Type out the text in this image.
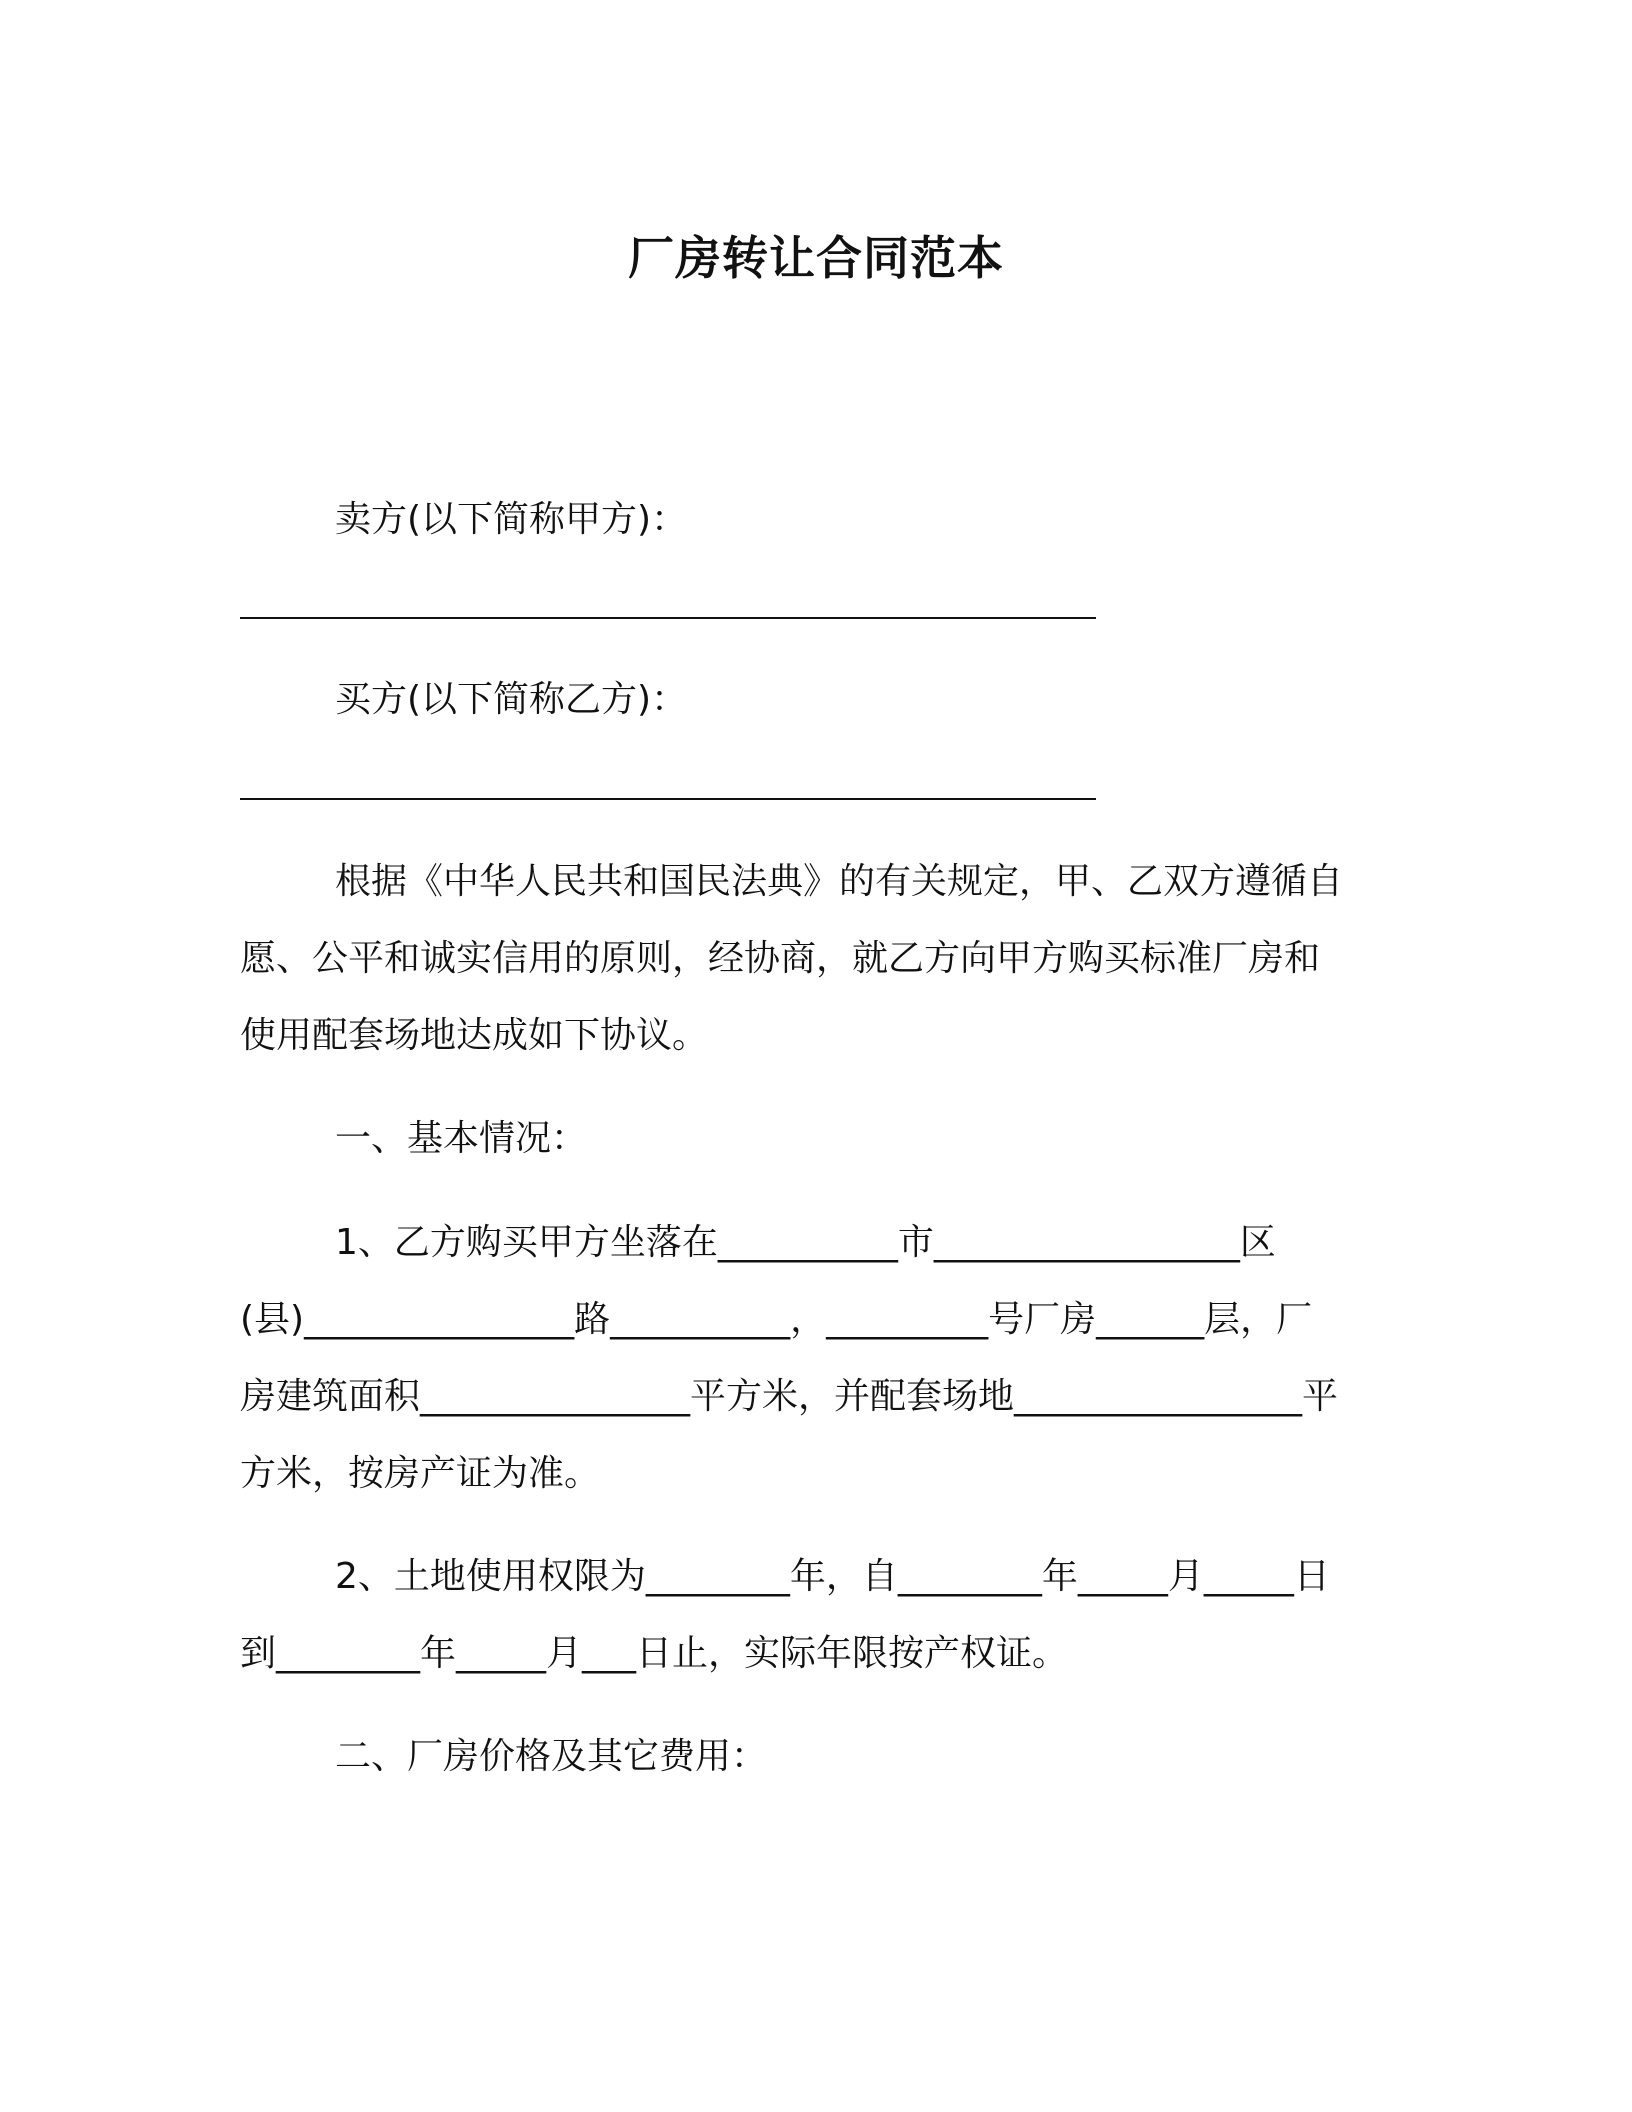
厂房转让合同范本
卖方(以下简称甲方)：
买方(以下简称乙方)：
根据《中华人民共和国民法典》的有关规定，甲、乙双方遵循自
愿、公平和诚实信用的原则，经协商，就乙方向甲方购买标准厂房和
使用配套场地达成如下协议。
一、基本情况：
1、乙方购买甲方坐落在__________市_________________区
(县)_______________路__________，_________号厂房______层，厂
房建筑面积_______________平方米，并配套场地________________平
方米，按房产证为准。
2、土地使用权限为________年，自________年_____月_____日
到________年_____月___日止，实际年限按产权证。
二、厂房价格及其它费用：
